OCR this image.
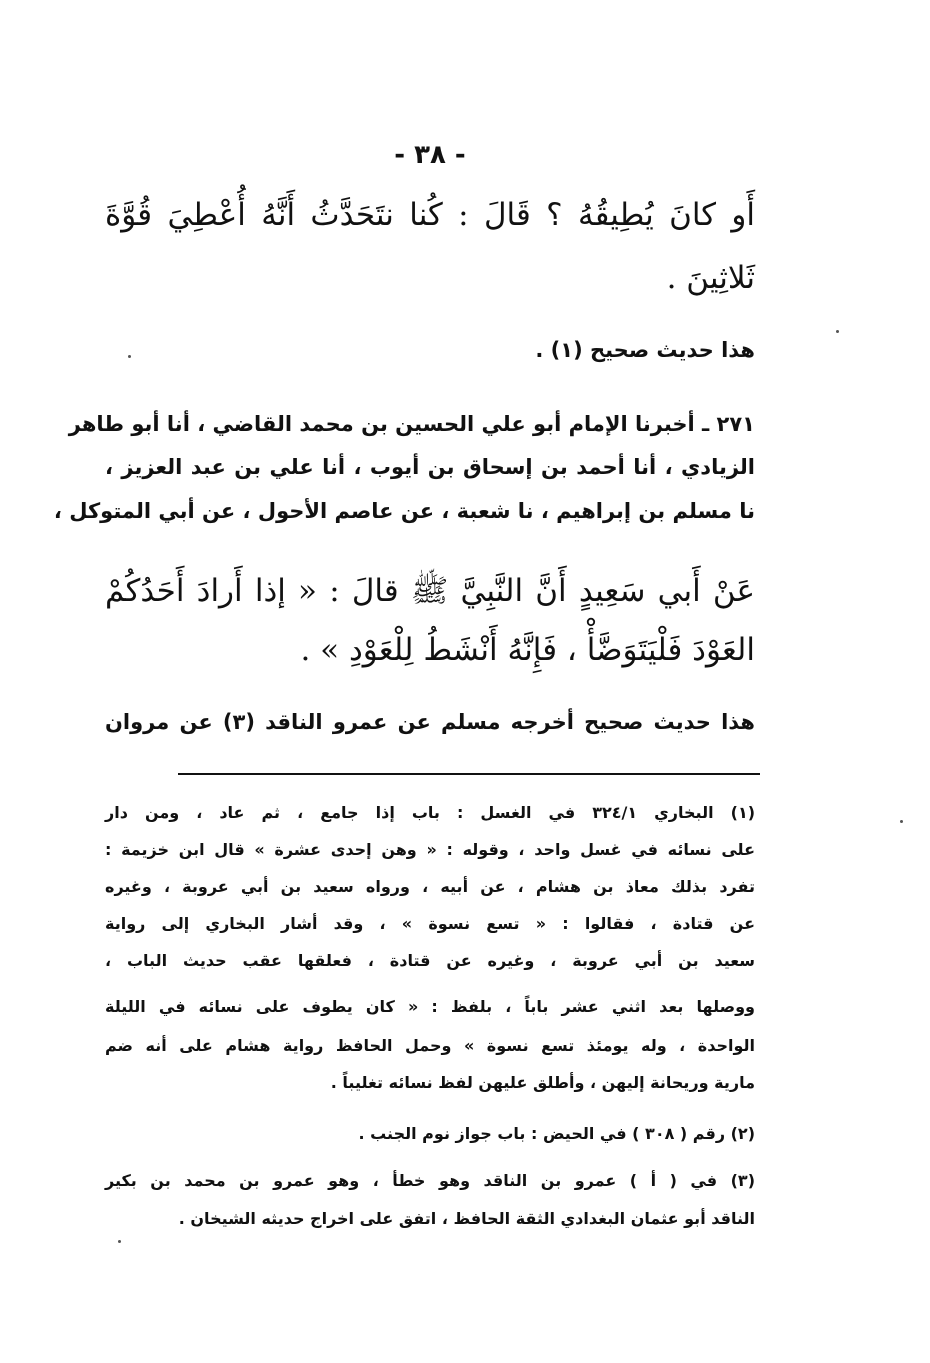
- ٣٨ -
أَو كانَ يُطِيقُهُ ؟ قَالَ : كُنا نتَحَدَّثُ أَنَّهُ أُعْطِيَ قُوَّةَ
ثَلاثِينَ .
هذا حديث صحيح (١) .
٢٧١ ـ أخبرنا الإمام أبو علي الحسين بن محمد القاضي ، أنا أبو طاهر
الزيادي ، أنا أحمد بن إسحاق بن أيوب ، أنا علي بن عبد العزيز ،
نا مسلم بن إبراهيم ، نا شعبة ، عن عاصم الأحول ، عن أبي المتوكل ،
عَنْ أَبي سَعِيدٍ أَنَّ النَّبِيَّ ﷺ قالَ : « إذا أَرادَ أَحَدُكُمْ
العَوْدَ فَلْيَتَوَضَّأْ ، فَإِنَّهُ أَنْشَطُ لِلْعَوْدِ » .
هذا حديث صحيح أخرجه مسلم عن عمرو الناقد (٣) عن مروان
(١) البخاري ٣٢٤/١ في الغسل : باب إذا جامع ، ثم عاد ، ومن دار
على نسائه في غسل واحد ، وقوله : « وهن إحدى عشرة » قال ابن خزيمة :
تفرد بذلك معاذ بن هشام ، عن أبيه ، ورواه سعيد بن أبي عروبة ، وغيره
عن قتادة ، فقالوا : « تسع نسوة » ، وقد أشار البخاري إلى رواية
سعيد بن أبي عروبة ، وغيره عن قتادة ، فعلقها عقب حديث الباب ،
ووصلها بعد اثني عشر باباً ، بلفظ : « كان يطوف على نسائه في الليلة
الواحدة ، وله يومئذ تسع نسوة » وحمل الحافظ رواية هشام على أنه ضم
مارية وريحانة إليهن ، وأطلق عليهن لفظ نسائه تغليباً .
(٢) رقم ( ٣٠٨ ) في الحيض : باب جواز نوم الجنب .
(٣) في ( أ ) عمرو بن الناقد وهو خطأ ، وهو عمرو بن محمد بن بكير
الناقد أبو عثمان البغدادي الثقة الحافظ ، اتفق على اخراج حديثه الشيخان .
